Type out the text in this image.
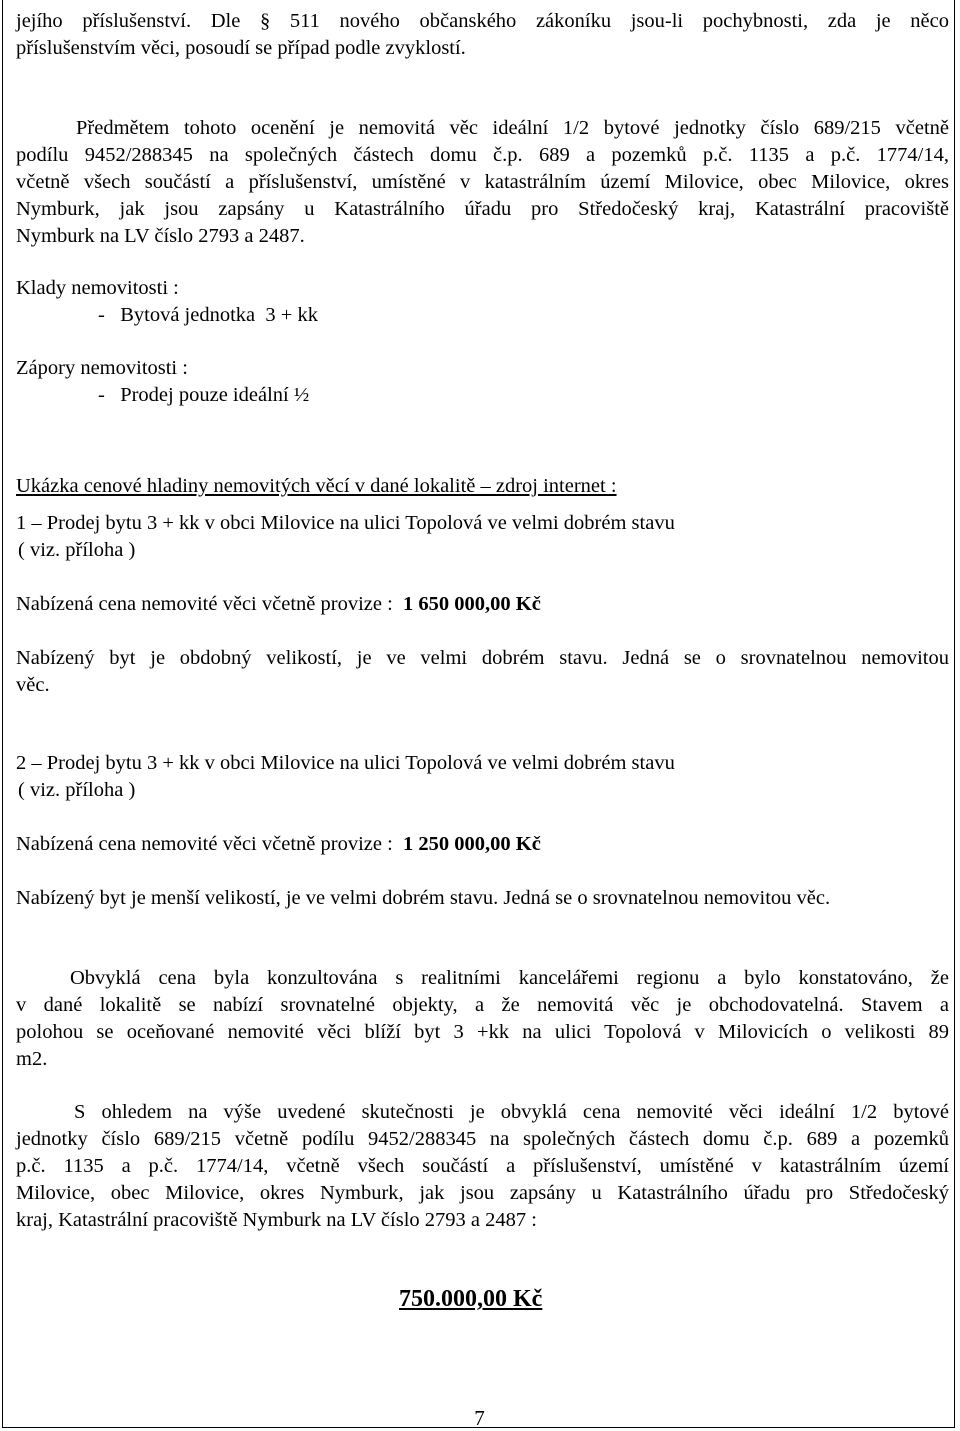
jejího příslušenství. Dle § 511 nového občanského zákoníku jsou-li pochybnosti, zda je něco

příslušenstvím věci, posoudí se případ podle zvyklostí.

Předmětem tohoto ocenění je nemovitá věc ideální 1/2 bytové jednotky číslo 689/215 včetně

podílu 9452/288345 na společných částech domu č.p. 689 a pozemků p.č. 1135 a p.č. 1774/14,

včetně všech součástí a příslušenství, umístěné v katastrálním území Milovice, obec Milovice, okres

Nymburk, jak jsou zapsány u Katastrálního úřadu pro Středočeský kraj, Katastrální pracoviště

Nymburk na LV číslo 2793 a 2487.

Klady nemovitosti :

-   Bytová jednotka  3 + kk

Zápory nemovitosti :

-   Prodej pouze ideální ½

Ukázka cenové hladiny nemovitých věcí v dané lokalitě – zdroj internet :

1 – Prodej bytu 3 + kk v obci Milovice na ulici Topolová ve velmi dobrém stavu

( viz. příloha )

Nabízená cena nemovité věci včetně provize :  1 650 000,00 Kč

Nabízený byt je obdobný velikostí, je ve velmi dobrém stavu. Jedná se o srovnatelnou nemovitou

věc.

2 – Prodej bytu 3 + kk v obci Milovice na ulici Topolová ve velmi dobrém stavu

( viz. příloha )

Nabízená cena nemovité věci včetně provize :  1 250 000,00 Kč

Nabízený byt je menší velikostí, je ve velmi dobrém stavu. Jedná se o srovnatelnou nemovitou věc.

Obvyklá cena byla konzultována s realitními kancelářemi regionu a bylo konstatováno, že

v dané lokalitě se nabízí srovnatelné objekty, a že nemovitá věc je obchodovatelná. Stavem a

polohou se oceňované nemovité věci blíží byt 3 +kk na ulici Topolová v Milovicích o velikosti 89

m2.

S ohledem na výše uvedené skutečnosti je obvyklá cena nemovité věci ideální 1/2 bytové

jednotky číslo 689/215 včetně podílu 9452/288345 na společných částech domu č.p. 689 a pozemků

p.č. 1135 a p.č. 1774/14, včetně všech součástí a příslušenství, umístěné v katastrálním území

Milovice, obec Milovice, okres Nymburk, jak jsou zapsány u Katastrálního úřadu pro Středočeský

kraj, Katastrální pracoviště Nymburk na LV číslo 2793 a 2487 :

750.000,00 Kč

7
